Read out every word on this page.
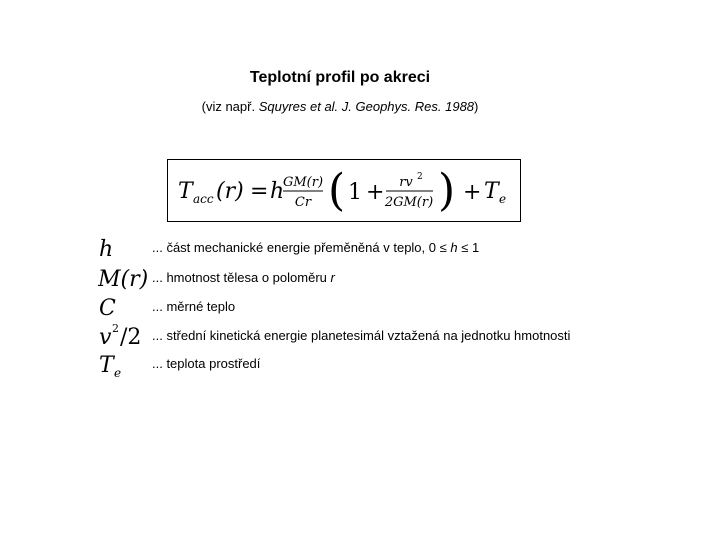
Teplotní profil po akreci
(viz např. Squyres et al. J. Geophys. Res. 1988)
T acc (r) = h
GM(r)
Cr ( 1 + rv 2
2GM(r) ) + T e
h	... část mechanické energie přeměněná v teplo, 0 ≤ h ≤ 1
M(r) ... hmotnost tělesa o poloměru r
C	... měrné teplo
v 2 /2 ... střední kinetická energie planetesimál vztažená na jednotku hmotnosti
T e
... teplota prostředí
